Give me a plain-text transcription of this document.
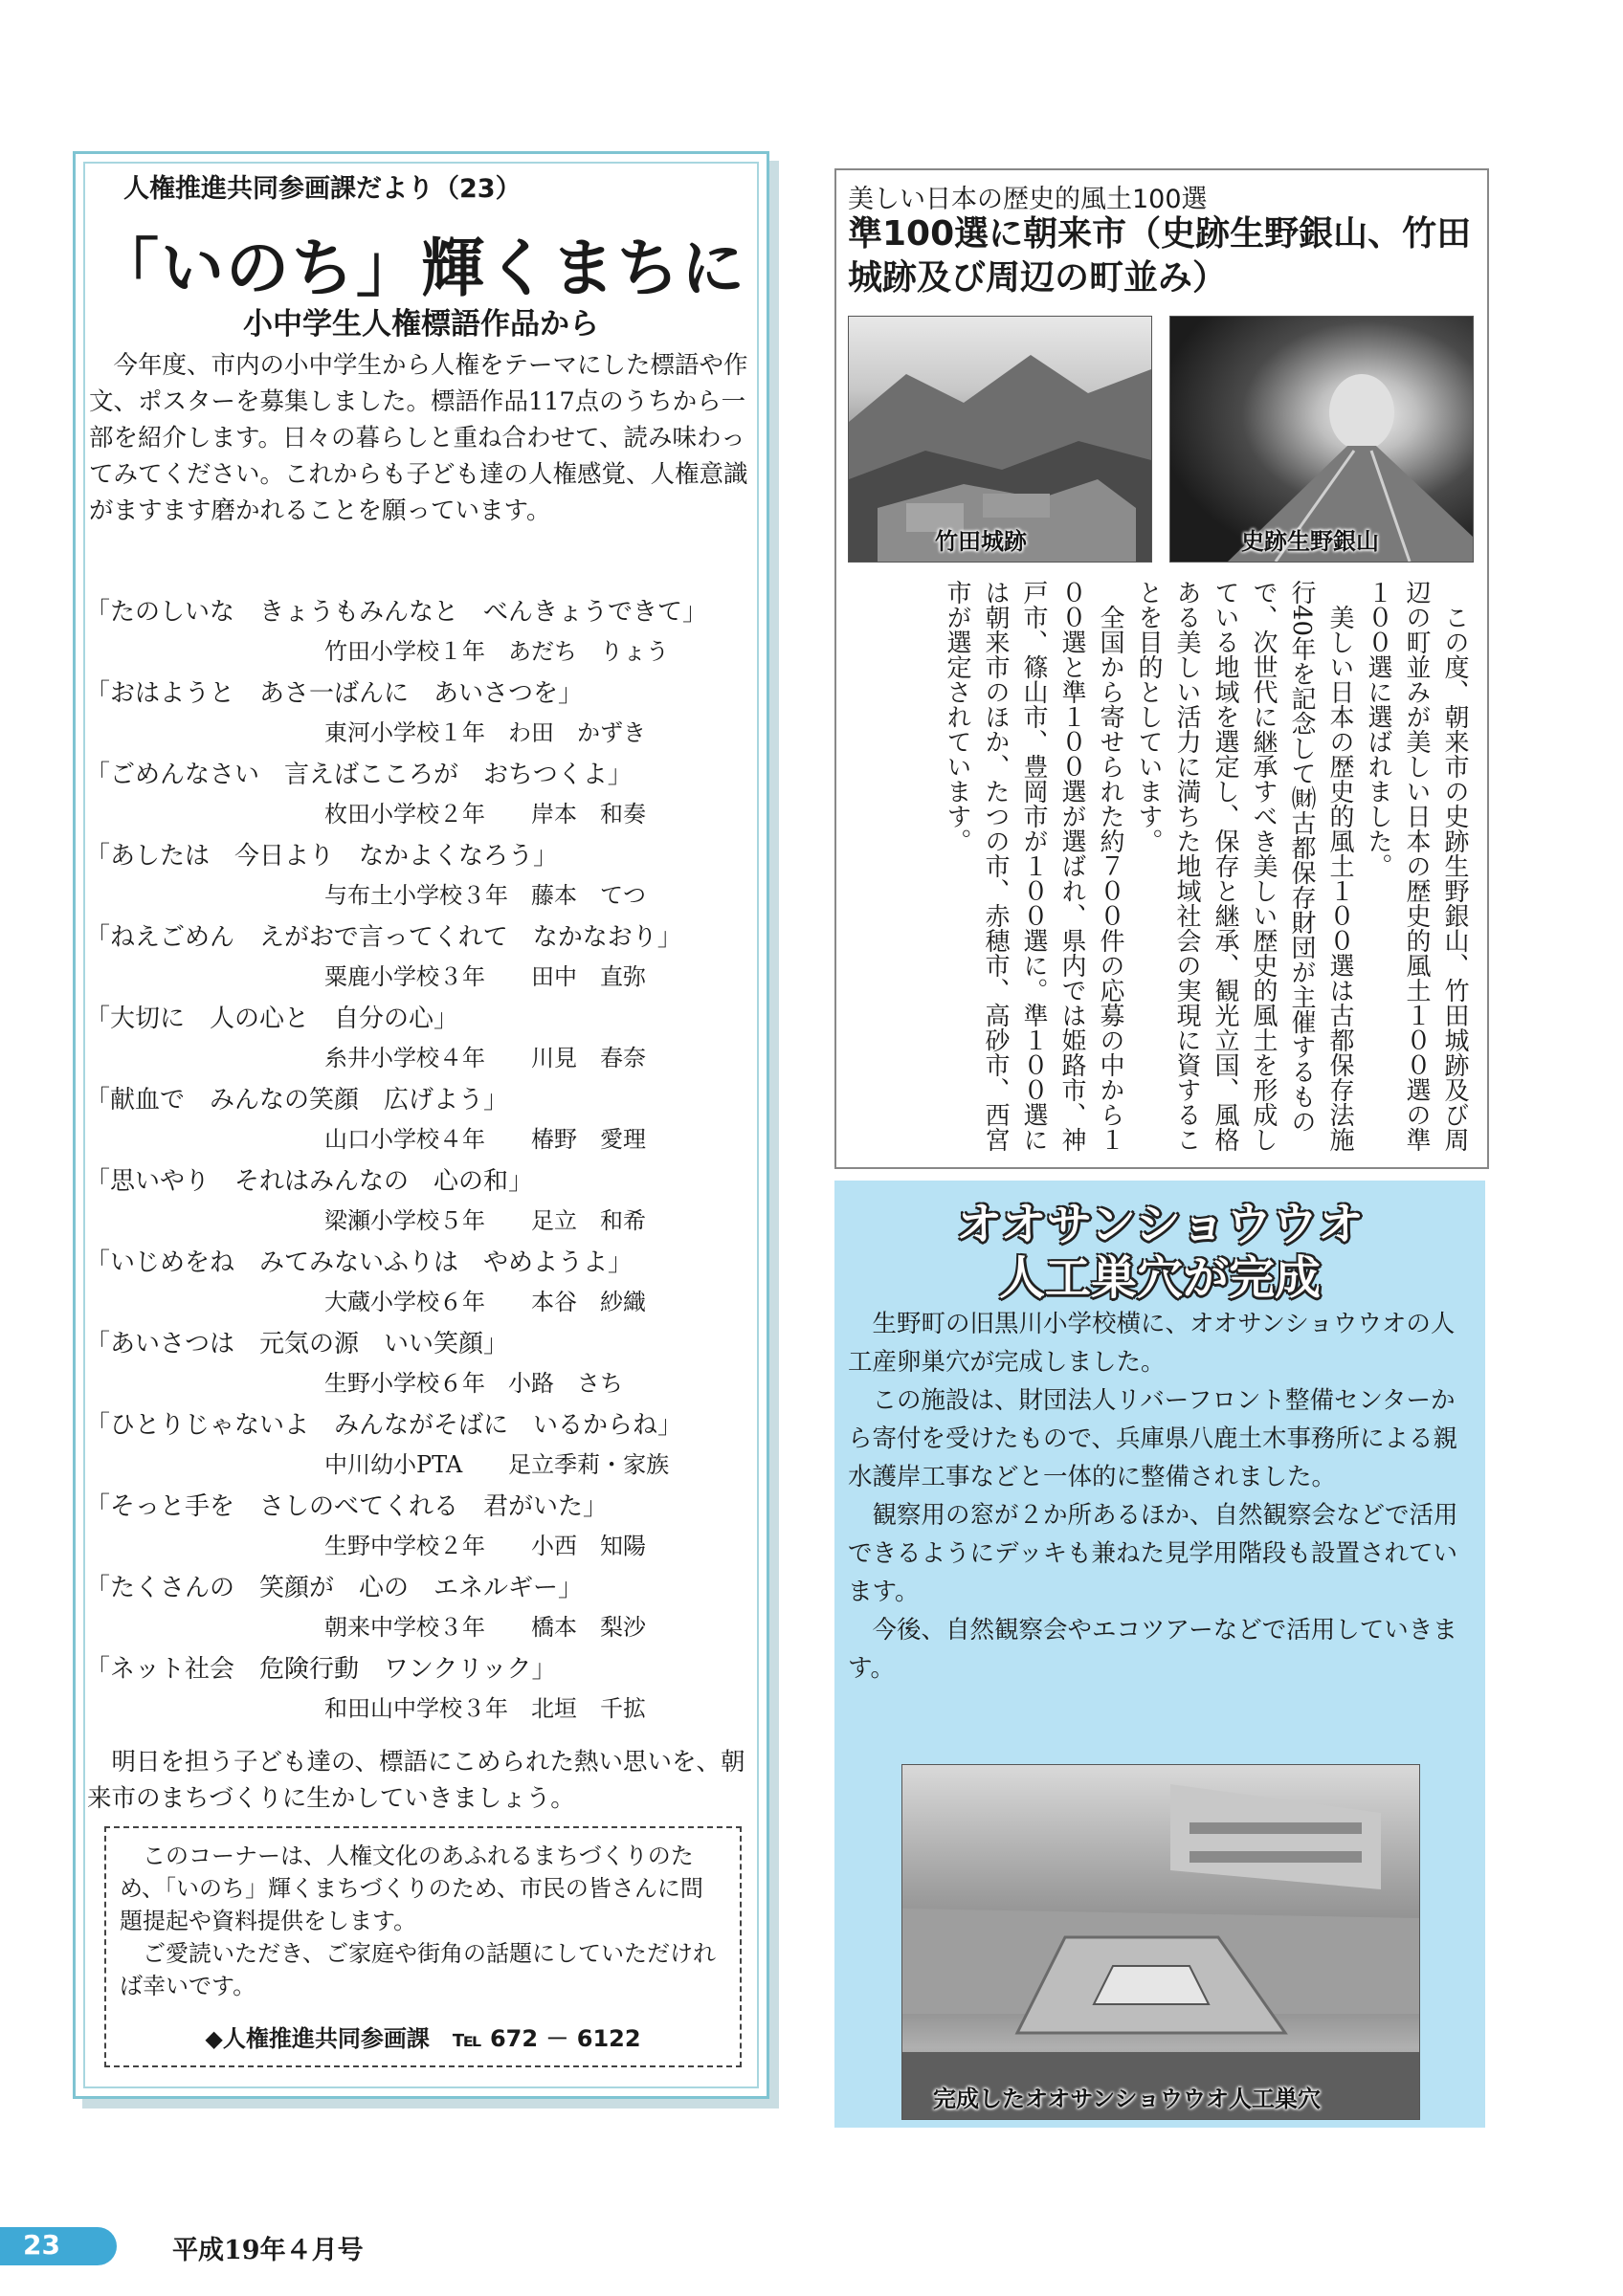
人権推進共同参画課だより（23）
「いのち」輝くまちに
小中学生人権標語作品から

今年度、市内の小中学生から人権をテーマにした標語や作文、ポスターを募集しました。標語作品117点のうちから一部を紹介します。日々の暮らしと重ね合わせて、読み味わってみてください。これからも子ども達の人権感覚、人権意識がますます磨かれることを願っています。

「たのしいな　きょうもみんなと　べんきょうできて」
竹田小学校１年　あだち　りょう
「おはようと　あさ一ばんに　あいさつを」
東河小学校１年　わ田　かずき
「ごめんなさい　言えばこころが　おちつくよ」
枚田小学校２年　　岸本　和奏
「あしたは　今日より　なかよくなろう」
与布土小学校３年　藤本　てつ
「ねえごめん　えがおで言ってくれて　なかなおり」
粟鹿小学校３年　　田中　直弥
「大切に　人の心と　自分の心」
糸井小学校４年　　川見　春奈
「献血で　みんなの笑顔　広げよう」
山口小学校４年　　椿野　愛理
「思いやり　それはみんなの　心の和」
梁瀬小学校５年　　足立　和希
「いじめをね　みてみないふりは　やめようよ」
大蔵小学校６年　　本谷　紗織
「あいさつは　元気の源　いい笑顔」
生野小学校６年　小路　さち
「ひとりじゃないよ　みんながそばに　いるからね」
中川幼小PTA　　足立季莉・家族
「そっと手を　さしのべてくれる　君がいた」
生野中学校２年　　小西　知陽
「たくさんの　笑顔が　心の　エネルギー」
朝来中学校３年　　橋本　梨沙
「ネット社会　危険行動　ワンクリック」
和田山中学校３年　北垣　千拡

明日を担う子ども達の、標語にこめられた熱い思いを、朝来市のまちづくりに生かしていきましょう。

このコーナーは、人権文化のあふれるまちづくりのため、「いのち」輝くまちづくりのため、市民の皆さんに問題提起や資料提供をします。

ご愛読いただき、ご家庭や街角の話題にしていただければ幸いです。

◆人権推進共同参画課　℡ 672 － 6122
美しい日本の歴史的風土100選
準100選に朝来市（史跡生野銀山、竹田城跡及び周辺の町並み）
竹田城跡	史跡生野銀山

この度、朝来市の史跡生野銀山、竹田城跡及び周辺の町並みが美しい日本の歴史的風土１００選の準１００選に選ばれました。

美しい日本の歴史的風土１００選は古都保存法施行40年を記念して㈶古都保存財団が主催するもので、次世代に継承すべき美しい歴史的風土を形成している地域を選定し、保存と継承、観光立国、風格ある美しい活力に満ちた地域社会の実現に資することを目的としています。

全国から寄せられた約７００件の応募の中から１００選と準１００選が選ばれ、県内では姫路市、神戸市、篠山市、豊岡市が１００選に。準１００選には朝来市のほか、たつの市、赤穂市、高砂市、西宮市が選定されています。

オオサンショウウオ
人工巣穴が完成

生野町の旧黒川小学校横に、オオサンショウウオの人工産卵巣穴が完成しました。

この施設は、財団法人リバーフロント整備センターから寄付を受けたもので、兵庫県八鹿土木事務所による親水護岸工事などと一体的に整備されました。

観察用の窓が２か所あるほか、自然観察会などで活用できるようにデッキも兼ねた見学用階段も設置されています。

今後、自然観察会やエコツアーなどで活用していきます。

完成したオオサンショウウオ人工巣穴
23	平成19年４月号
